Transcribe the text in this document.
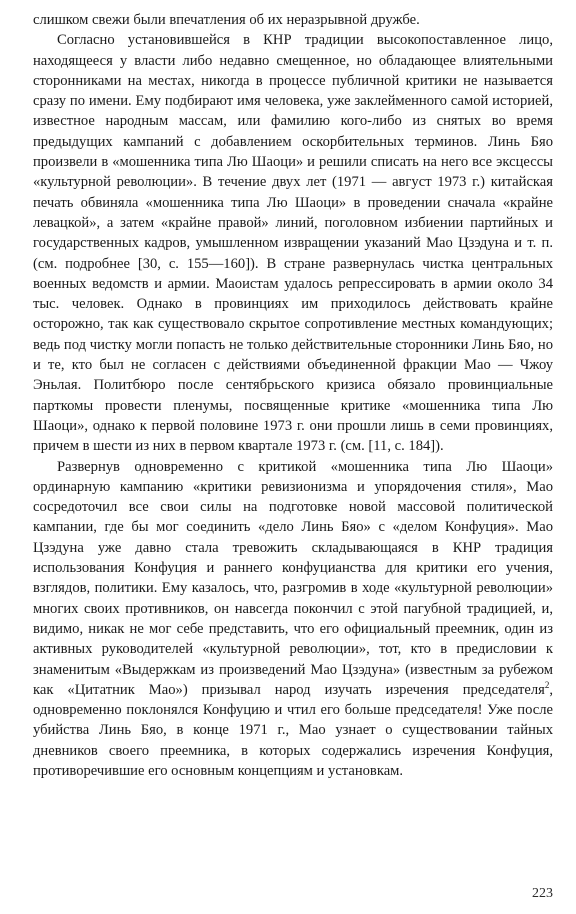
слишком свежи были впечатления об их неразрывной дружбе.

Согласно установившейся в КНР традиции высокопоставленное лицо, находящееся у власти либо недавно смещенное, но обладающее влиятельными сторонниками на местах, никогда в процессе публичной критики не называется сразу по имени. Ему подбирают имя человека, уже заклейменного самой историей, известное народным массам, или фамилию кого-либо из снятых во время предыдущих кампаний с добавлением оскорбительных терминов. Линь Бяо произвели в «мошенника типа Лю Шаоци» и решили списать на него все эксцессы «культурной революции». В течение двух лет (1971 — август 1973 г.) китайская печать обвиняла «мошенника типа Лю Шаоци» в проведении сначала «крайне левацкой», а затем «крайне правой» линий, поголовном избиении партийных и государственных кадров, умышленном извращении указаний Мао Цзэдуна и т. п. (см. подробнее [30, с. 155—160]). В стране развернулась чистка центральных военных ведомств и армии. Маоистам удалось репрессировать в армии около 34 тыс. человек. Однако в провинциях им приходилось действовать крайне осторожно, так как существовало скрытое сопротивление местных командующих; ведь под чистку могли попасть не только действительные сторонники Линь Бяо, но и те, кто был не согласен с действиями объединенной фракции Мао — Чжоу Эньлая. Политбюро после сентябрьского кризиса обязало провинциальные парткомы провести пленумы, посвященные критике «мошенника типа Лю Шаоци», однако к первой половине 1973 г. они прошли лишь в семи провинциях, причем в шести из них в первом квартале 1973 г. (см. [11, с. 184]).

Развернув одновременно с критикой «мошенника типа Лю Шаоци» ординарную кампанию «критики ревизионизма и упорядочения стиля», Мао сосредоточил все свои силы на подготовке новой массовой политической кампании, где бы мог соединить «дело Линь Бяо» с «делом Конфуция». Мао Цзэдуна уже давно стала тревожить складывающаяся в КНР традиция использования Конфуция и раннего конфуцианства для критики его учения, взглядов, политики. Ему казалось, что, разгромив в ходе «культурной революции» многих своих противников, он навсегда покончил с этой пагубной традицией, и, видимо, никак не мог себе представить, что его официальный преемник, один из активных руководителей «культурной революции», тот, кто в предисловии к знаменитым «Выдержкам из произведений Мао Цзэдуна» (известным за рубежом как «Цитатник Мао») призывал народ изучать изречения председателя$^2$, одновременно поклонялся Конфуцию и чтил его больше председателя! Уже после убийства Линь Бяо, в конце 1971 г., Мао узнает о существовании тайных дневников своего преемника, в которых содержались изречения Конфуция, противоречившие его основным концепциям и установкам.

223
